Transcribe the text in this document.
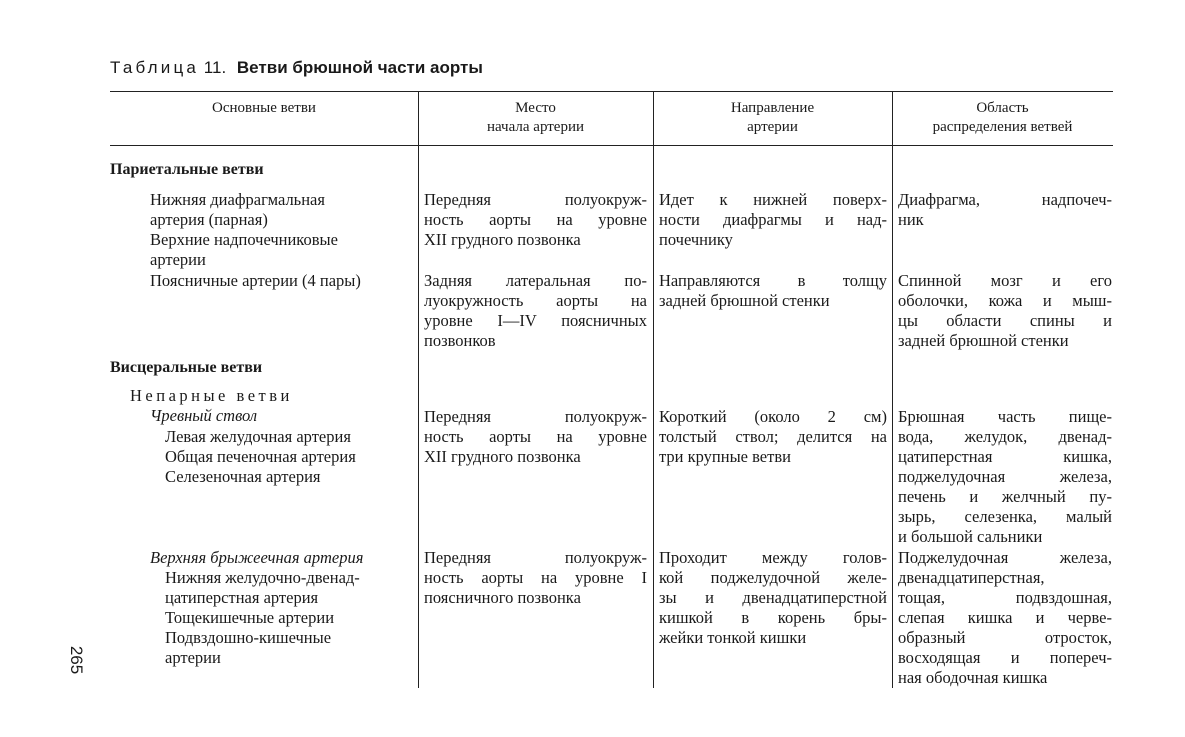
Таблица 11. Ветви брюшной части аорты
Основные ветви	Место
начала артерии
Направление
артерии
Область
распределения ветвей
Париетальные ветви
Нижняя диафрагмальная
артерия (парная)
Верхние надпочечниковые
артерии
Передняя полуокруж-
ность аорты на уровне
XII грудного позвонка
Идет к нижней поверх-
ности диафрагмы и над-
почечнику
Диафрагма, надпочеч-
ник
Поясничные артерии (4 пары)	Задняя латеральная по-
луокружность аорты на
уровне I—IV поясничных
позвонков
Направляются в толщу
задней брюшной стенки
Спинной мозг и его
оболочки, кожа и мыш-
цы области спины и
задней брюшной стенки
Висцеральные ветви
Непарные ветви
Чревный ствол
Левая желудочная артерия
Общая печеночная артерия
Селезеночная артерия
Передняя полуокруж-
ность аорты на уровне
XII грудного позвонка
Короткий (около 2 см)
толстый ствол; делится на
три крупные ветви
Брюшная часть пище-
вода, желудок, двенад-
цатиперстная кишка,
поджелудочная железа,
печень и желчный пу-
зырь, селезенка, малый
и большой сальники
Верхняя брыжеечная артерия
Нижняя желудочно-двенад-
цатиперстная артерия
Тощекишечные артерии
Подвздошно-кишечные
артерии
Передняя полуокруж-
ность аорты на уровне I
поясничного позвонка
Проходит между голов-
кой поджелудочной желе-
зы и двенадцатиперстной
кишкой в корень бры-
жейки тонкой кишки
Поджелудочная железа,
двенадцатиперстная,
тощая, подвздошная,
слепая кишка и черве-
образный отросток,
восходящая и попереч-
ная ободочная кишка
265
